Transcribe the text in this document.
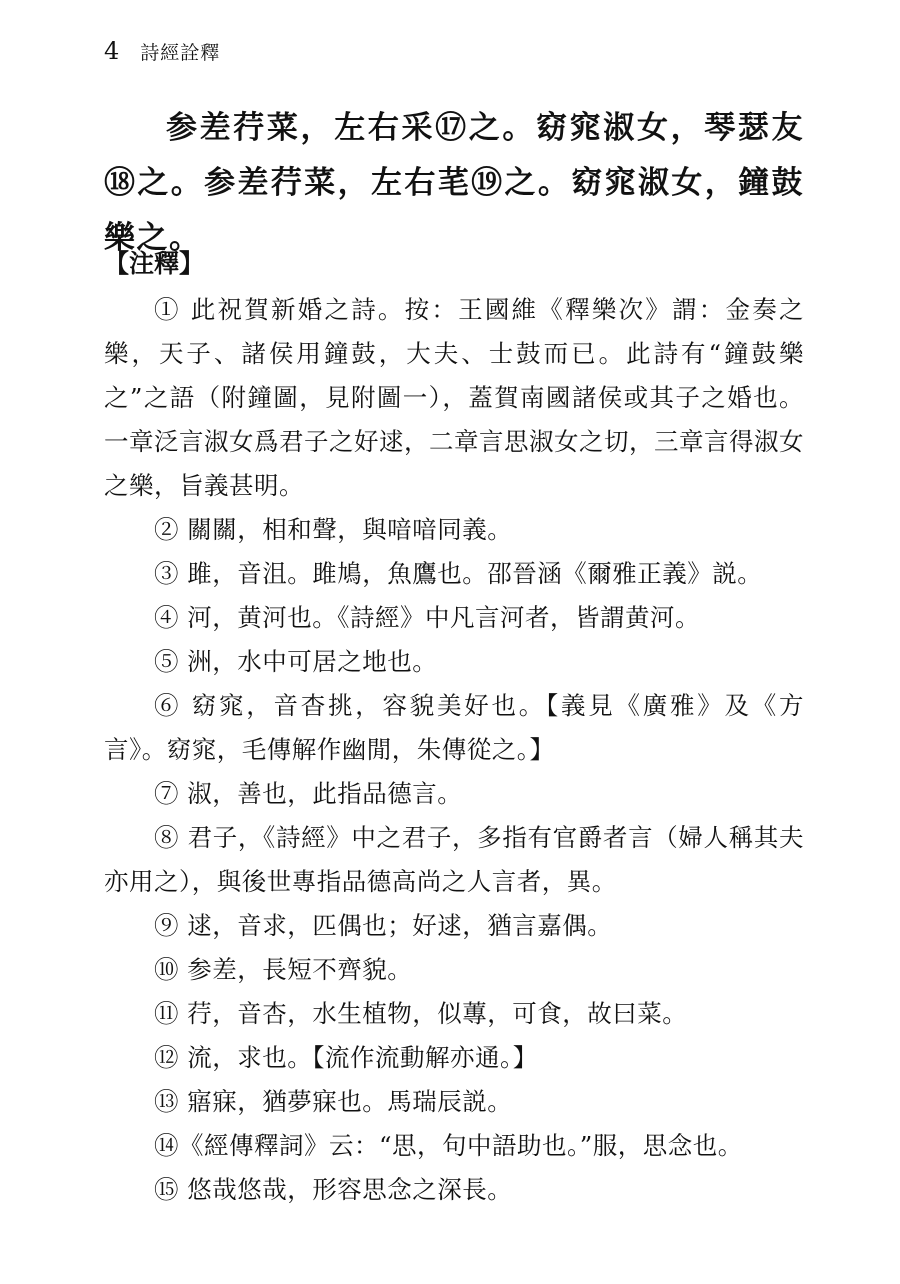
4 詩經詮釋
参差荇菜，左右采⑰之。窈窕淑女，琴瑟友⑱之。参差荇菜，左右芼⑲之。窈窕淑女，鐘鼓樂之。
【注釋】
① 此祝賀新婚之詩。按：王國維《釋樂次》謂：金奏之樂，天子、諸侯用鐘鼓，大夫、士鼓而已。此詩有“鐘鼓樂之”之語（附鐘圖，見附圖一），蓋賀南國諸侯或其子之婚也。一章泛言淑女爲君子之好逑，二章言思淑女之切，三章言得淑女之樂，旨義甚明。
② 關關，相和聲，與喑喑同義。
③ 雎，音沮。雎鳩，魚鷹也。邵晉涵《爾雅正義》説。
④ 河，黄河也。《詩經》中凡言河者，皆謂黄河。
⑤ 洲，水中可居之地也。
⑥ 窈窕，音杳挑，容貌美好也。【義見《廣雅》及《方言》。窈窕，毛傳解作幽閒，朱傳從之。】
⑦ 淑，善也，此指品德言。
⑧ 君子，《詩經》中之君子，多指有官爵者言（婦人稱其夫亦用之），與後世專指品德高尚之人言者，異。
⑨ 逑，音求，匹偶也；好逑，猶言嘉偶。
⑩ 参差，長短不齊貌。
⑪ 荇，音杏，水生植物，似蓴，可食，故曰菜。
⑫ 流，求也。【流作流動解亦通。】
⑬ 寤寐，猶夢寐也。馬瑞辰説。
⑭《經傳釋詞》云：“思，句中語助也。”服，思念也。
⑮ 悠哉悠哉，形容思念之深長。
